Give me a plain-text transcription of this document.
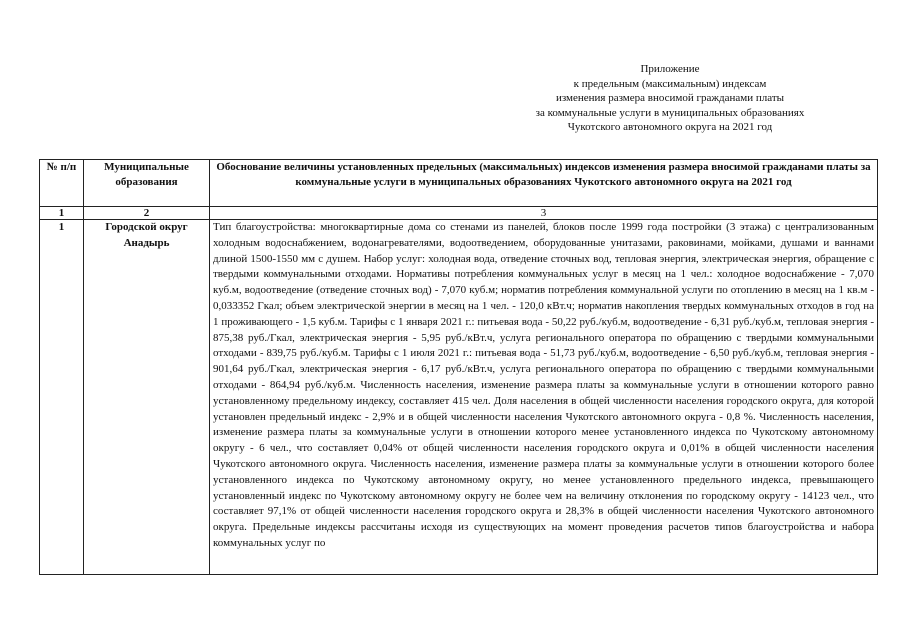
Приложение
к предельным (максимальным) индексам
изменения размера вносимой гражданами платы
за коммунальные услуги в муниципальных образованиях
Чукотского автономного округа на 2021 год
№ п/п	Муниципальные образования	Обоснование величины установленных предельных (максимальных) индексов изменения размера вносимой гражданами платы за коммунальные услуги в муниципальных образованиях Чукотского автономного округа на 2021 год
1	2	3
1	Городской округ Анадырь	Тип благоустройства: многоквартирные дома со стенами из панелей, блоков после 1999 года постройки (3 этажа) с централизованным холодным водоснабжением, водонагревателями, водоотведением, оборудованные унитазами, раковинами, мойками, душами и ваннами длиной 1500-1550 мм с душем. Набор услуг: холодная вода, отведение сточных вод, тепловая энергия, электрическая энергия, обращение с твердыми коммунальными отходами. Нормативы потребления коммунальных услуг в месяц на 1 чел.: холодное водоснабжение - 7,070 куб.м, водоотведение (отведение сточных вод) - 7,070 куб.м; норматив потребления коммунальной услуги по отоплению в месяц на 1 кв.м - 0,033352 Гкал; объем электрической энергии в месяц на 1 чел. - 120,0 кВт.ч; норматив накопления твердых коммунальных отходов в год на 1 проживающего - 1,5 куб.м. Тарифы с 1 января 2021 г.: питьевая вода - 50,22 руб./куб.м, водоотведение - 6,31 руб./куб.м, тепловая энергия - 875,38 руб./Гкал, электрическая энергия - 5,95 руб./кВт.ч, услуга регионального оператора по обращению с твердыми коммунальными отходами - 839,75 руб./куб.м. Тарифы с 1 июля 2021 г.: питьевая вода - 51,73 руб./куб.м, водоотведение - 6,50 руб./куб.м, тепловая энергия - 901,64 руб./Гкал, электрическая энергия - 6,17 руб./кВт.ч, услуга регионального оператора по обращению с твердыми коммунальными отходами - 864,94 руб./куб.м. Численность населения, изменение размера платы за коммунальные услуги в отношении которого равно установленному предельному индексу, составляет 415 чел. Доля населения в общей численности населения городского округа, для которой установлен предельный индекс - 2,9% и в общей численности населения Чукотского автономного округа - 0,8 %. Численность населения, изменение размера платы за коммунальные услуги в отношении которого менее установленного индекса по Чукотскому автономному округу - 6 чел., что составляет 0,04% от общей численности населения городского округа и 0,01% в общей численности населения Чукотского автономного округа. Численность населения, изменение размера платы за коммунальные услуги в отношении которого более установленного индекса по Чукотскому автономному округу, но менее установленного предельного индекса, превышающего установленный индекс по Чукотскому автономному округу не более чем на величину отклонения по городскому округу - 14123 чел., что составляет 97,1% от общей численности населения городского округа и 28,3% в общей численности населения Чукотского автономного округа. Предельные индексы рассчитаны исходя из существующих на момент проведения расчетов типов благоустройства и набора коммунальных услуг по
